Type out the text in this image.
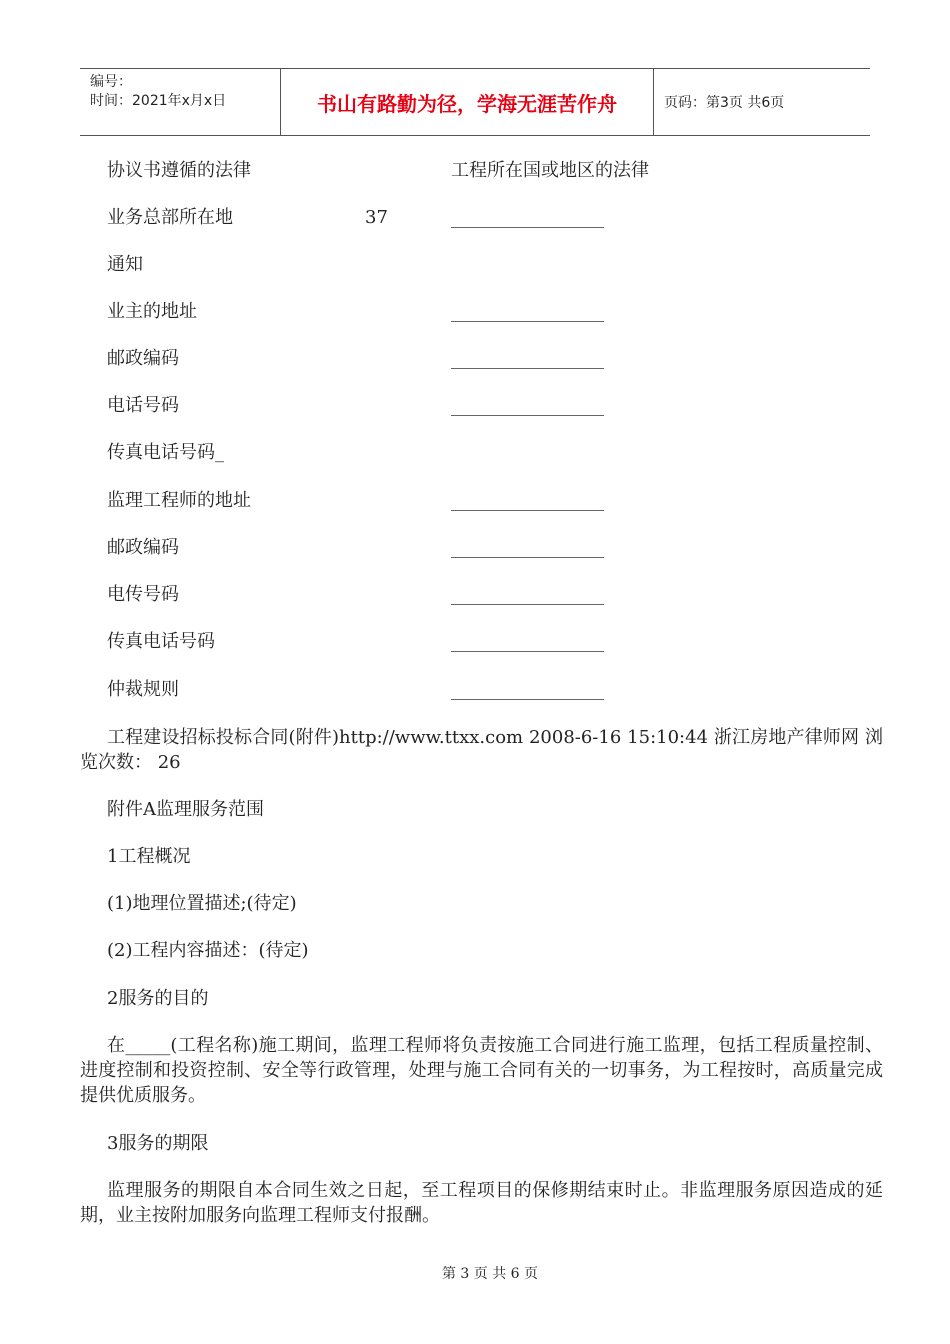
编号：
时间：2021年x月x日	书山有路勤为径，学海无涯苦作舟	页码：第3页 共6页
协议书遵循的法律	工程所在国或地区的法律
业务总部所在地	37
通知
业主的地址
邮政编码
电话号码
传真电话号码_
监理工程师的地址
邮政编码
电传号码
传真电话号码
仲裁规则
工程建设招标投标合同(附件)http://www.ttxx.com 2008-6-16 15:10:44 浙江房地产律师网 浏览次数： 26
附件A监理服务范围
1工程概况
(1)地理位置描述;(待定)
(2)工程内容描述：(待定)
2服务的目的
在_____(工程名称)施工期间，监理工程师将负责按施工合同进行施工监理，包括工程质量控制、进度控制和投资控制、安全等行政管理，处理与施工合同有关的一切事务，为工程按时，高质量完成提供优质服务。
3服务的期限
监理服务的期限自本合同生效之日起，至工程项目的保修期结束时止。非监理服务原因造成的延期，业主按附加服务向监理工程师支付报酬。
第 3 页 共 6 页
